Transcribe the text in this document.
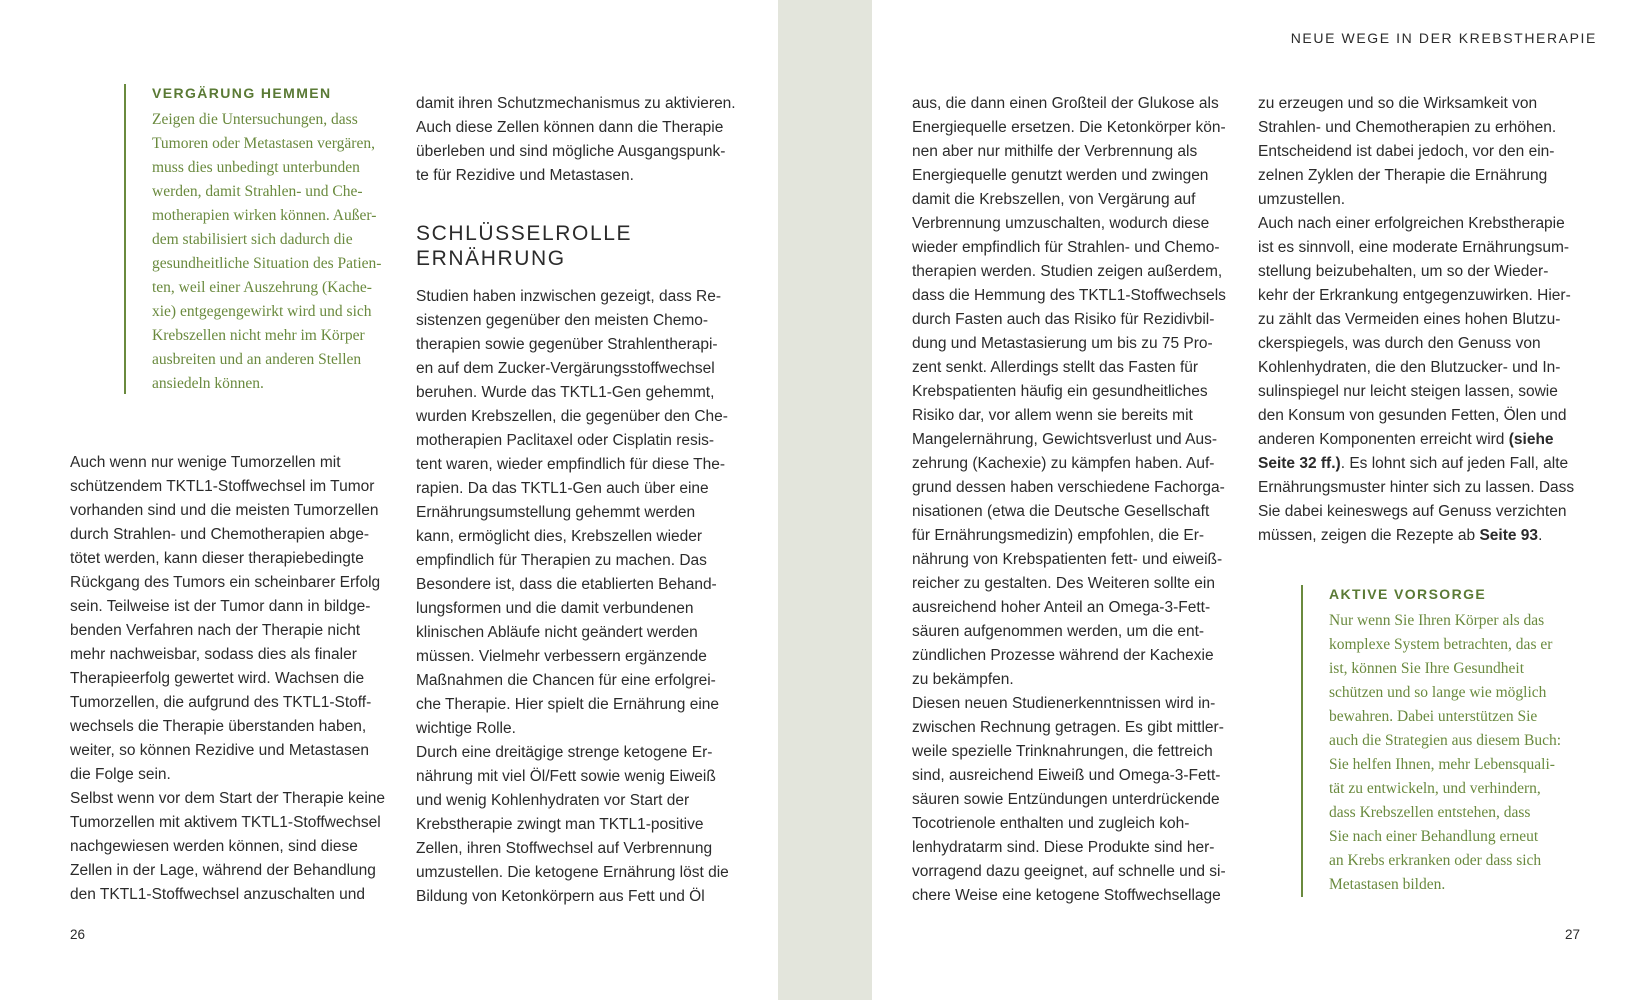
VERGÄRUNG HEMMEN
Zeigen die Untersuchungen, dass
Tumoren oder Metastasen vergären,
muss dies unbedingt unterbunden
werden, damit Strahlen- und Che-
motherapien wirken können. Außer-
dem stabilisiert sich dadurch die
gesundheitliche Situation des Patien-
ten, weil einer Auszehrung (Kache-
xie) entgegengewirkt wird und sich
Krebszellen nicht mehr im Körper
ausbreiten und an anderen Stellen
ansiedeln können.
Auch wenn nur wenige Tumorzellen mit
schützendem TKTL1-Stoffwechsel im Tumor
vorhanden sind und die meisten Tumorzellen
durch Strahlen- und Chemotherapien abge-
tötet werden, kann dieser therapiebedingte
Rückgang des Tumors ein scheinbarer Erfolg
sein. Teilweise ist der Tumor dann in bildge-
benden Verfahren nach der Therapie nicht
mehr nachweisbar, sodass dies als finaler
Therapieerfolg gewertet wird. Wachsen die
Tumorzellen, die aufgrund des TKTL1-Stoff-
wechsels die Therapie überstanden haben,
weiter, so können Rezidive und Metastasen
die Folge sein.
Selbst wenn vor dem Start der Therapie keine
Tumorzellen mit aktivem TKTL1-Stoffwechsel
nachgewiesen werden können, sind diese
Zellen in der Lage, während der Behandlung
den TKTL1-Stoffwechsel anzuschalten und
damit ihren Schutzmechanismus zu aktivieren.
Auch diese Zellen können dann die Therapie
überleben und sind mögliche Ausgangspunk-
te für Rezidive und Metastasen.
SCHLÜSSELROLLE
ERNÄHRUNG
Studien haben inzwischen gezeigt, dass Re-
sistenzen gegenüber den meisten Chemo-
therapien sowie gegenüber Strahlentherapi-
en auf dem Zucker-Vergärungsstoffwechsel
beruhen. Wurde das TKTL1-Gen gehemmt,
wurden Krebszellen, die gegenüber den Che-
motherapien Paclitaxel oder Cisplatin resis-
tent waren, wieder empfindlich für diese The-
rapien. Da das TKTL1-Gen auch über eine
Ernährungsumstellung gehemmt werden
kann, ermöglicht dies, Krebszellen wieder
empfindlich für Therapien zu machen. Das
Besondere ist, dass die etablierten Behand-
lungsformen und die damit verbundenen
klinischen Abläufe nicht geändert werden
müssen. Vielmehr verbessern ergänzende
Maßnahmen die Chancen für eine erfolgrei-
che Therapie. Hier spielt die Ernährung eine
wichtige Rolle.
Durch eine dreitägige strenge ketogene Er-
nährung mit viel Öl/Fett sowie wenig Eiweiß
und wenig Kohlenhydraten vor Start der
Krebstherapie zwingt man TKTL1-positive
Zellen, ihren Stoffwechsel auf Verbrennung
umzustellen. Die ketogene Ernährung löst die
Bildung von Ketonkörpern aus Fett und Öl
26
NEUE WEGE IN DER KREBSTHERAPIE
aus, die dann einen Großteil der Glukose als
Energiequelle ersetzen. Die Ketonkörper kön-
nen aber nur mithilfe der Verbrennung als
Energiequelle genutzt werden und zwingen
damit die Krebszellen, von Vergärung auf
Verbrennung umzuschalten, wodurch diese
wieder empfindlich für Strahlen- und Chemo-
therapien werden. Studien zeigen außerdem,
dass die Hemmung des TKTL1-Stoffwechsels
durch Fasten auch das Risiko für Rezidivbil-
dung und Metastasierung um bis zu 75 Pro-
zent senkt. Allerdings stellt das Fasten für
Krebspatienten häufig ein gesundheitliches
Risiko dar, vor allem wenn sie bereits mit
Mangelernährung, Gewichtsverlust und Aus-
zehrung (Kachexie) zu kämpfen haben. Auf-
grund dessen haben verschiedene Fachorga-
nisationen (etwa die Deutsche Gesellschaft
für Ernährungsmedizin) empfohlen, die Er-
nährung von Krebspatienten fett- und eiweiß-
reicher zu gestalten. Des Weiteren sollte ein
ausreichend hoher Anteil an Omega-3-Fett-
säuren aufgenommen werden, um die ent-
zündlichen Prozesse während der Kachexie
zu bekämpfen.
Diesen neuen Studienerkenntnissen wird in-
zwischen Rechnung getragen. Es gibt mittler-
weile spezielle Trinknahrungen, die fettreich
sind, ausreichend Eiweiß und Omega-3-Fett-
säuren sowie Entzündungen unterdrückende
Tocotrienole enthalten und zugleich koh-
lenhydratarm sind. Diese Produkte sind her-
vorragend dazu geeignet, auf schnelle und si-
chere Weise eine ketogene Stoffwechsellage
zu erzeugen und so die Wirksamkeit von
Strahlen- und Chemotherapien zu erhöhen.
Entscheidend ist dabei jedoch, vor den ein-
zelnen Zyklen der Therapie die Ernährung
umzustellen.
Auch nach einer erfolgreichen Krebstherapie
ist es sinnvoll, eine moderate Ernährungsum-
stellung beizubehalten, um so der Wieder-
kehr der Erkrankung entgegenzuwirken. Hier-
zu zählt das Vermeiden eines hohen Blutzu-
ckerspiegels, was durch den Genuss von
Kohlenhydraten, die den Blutzucker- und In-
sulinspiegel nur leicht steigen lassen, sowie
den Konsum von gesunden Fetten, Ölen und
anderen Komponenten erreicht wird (siehe
Seite 32 ff.). Es lohnt sich auf jeden Fall, alte
Ernährungsmuster hinter sich zu lassen. Dass
Sie dabei keineswegs auf Genuss verzichten
müssen, zeigen die Rezepte ab Seite 93.
AKTIVE VORSORGE
Nur wenn Sie Ihren Körper als das
komplexe System betrachten, das er
ist, können Sie Ihre Gesundheit
schützen und so lange wie möglich
bewahren. Dabei unterstützen Sie
auch die Strategien aus diesem Buch:
Sie helfen Ihnen, mehr Lebensquali-
tät zu entwickeln, und verhindern,
dass Krebszellen entstehen, dass
Sie nach einer Behandlung erneut
an Krebs erkranken oder dass sich
Metastasen bilden.
27
